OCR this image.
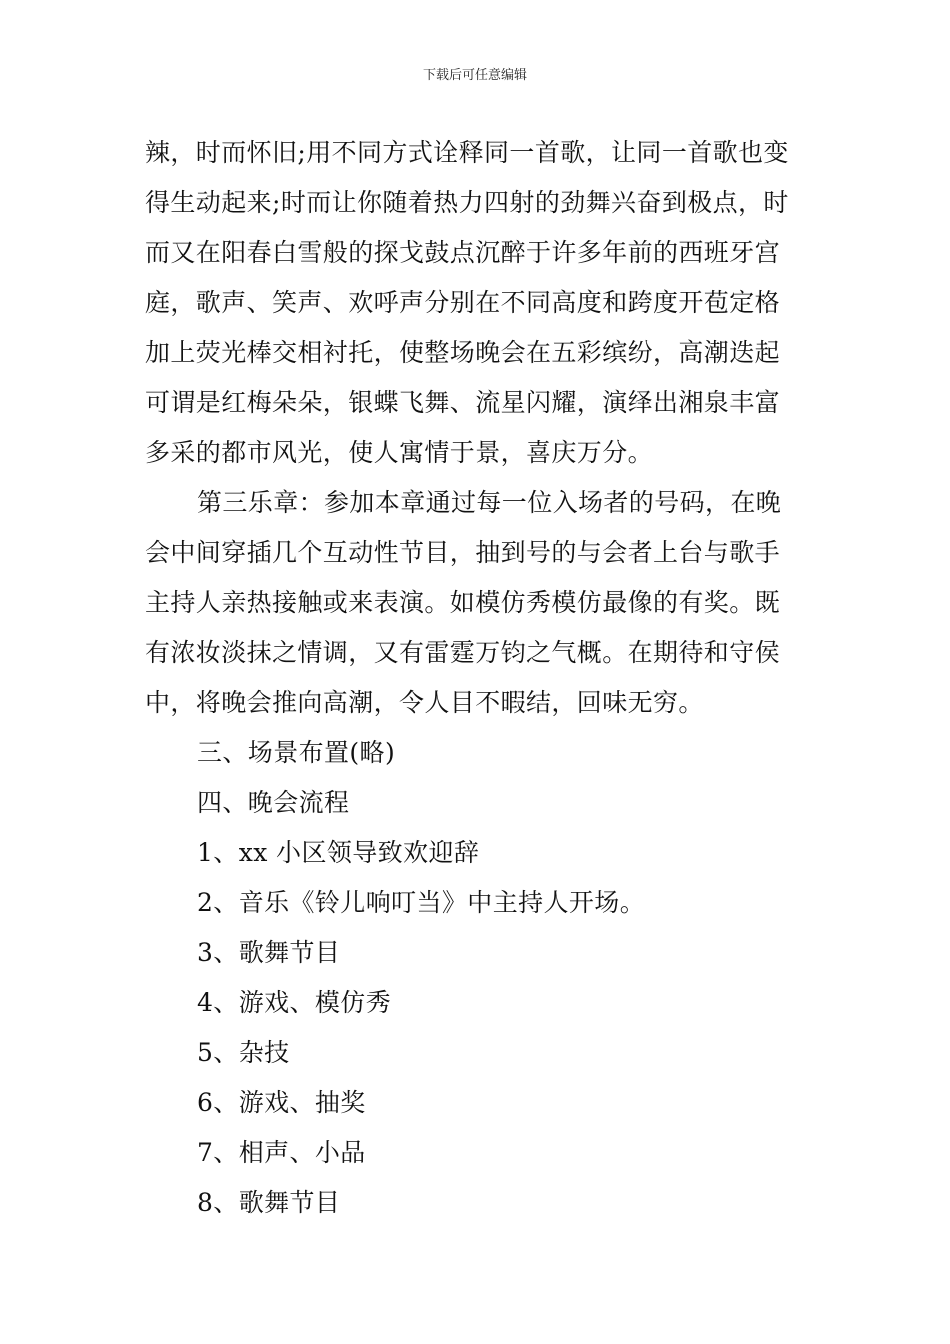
下载后可任意编辑
辣，时而怀旧;用不同方式诠释同一首歌，让同一首歌也变
得生动起来;时而让你随着热力四射的劲舞兴奋到极点，时
而又在阳春白雪般的探戈鼓点沉醉于许多年前的西班牙宫
庭，歌声、笑声、欢呼声分别在不同高度和跨度开苞定格
加上荧光棒交相衬托，使整场晚会在五彩缤纷，高潮迭起
可谓是红梅朵朵，银蝶飞舞、流星闪耀，演绎出湘泉丰富
多采的都市风光，使人寓情于景，喜庆万分。
第三乐章：参加本章通过每一位入场者的号码，在晚
会中间穿插几个互动性节目，抽到号的与会者上台与歌手
主持人亲热接触或来表演。如模仿秀模仿最像的有奖。既
有浓妆淡抹之情调，又有雷霆万钧之气概。在期待和守侯
中，将晚会推向高潮，令人目不暇结，回味无穷。
三、场景布置(略)
四、晚会流程
1、xx 小区领导致欢迎辞
2、音乐《铃儿响叮当》中主持人开场。
3、歌舞节目
4、游戏、模仿秀
5、杂技
6、游戏、抽奖
7、相声、小品
8、歌舞节目
